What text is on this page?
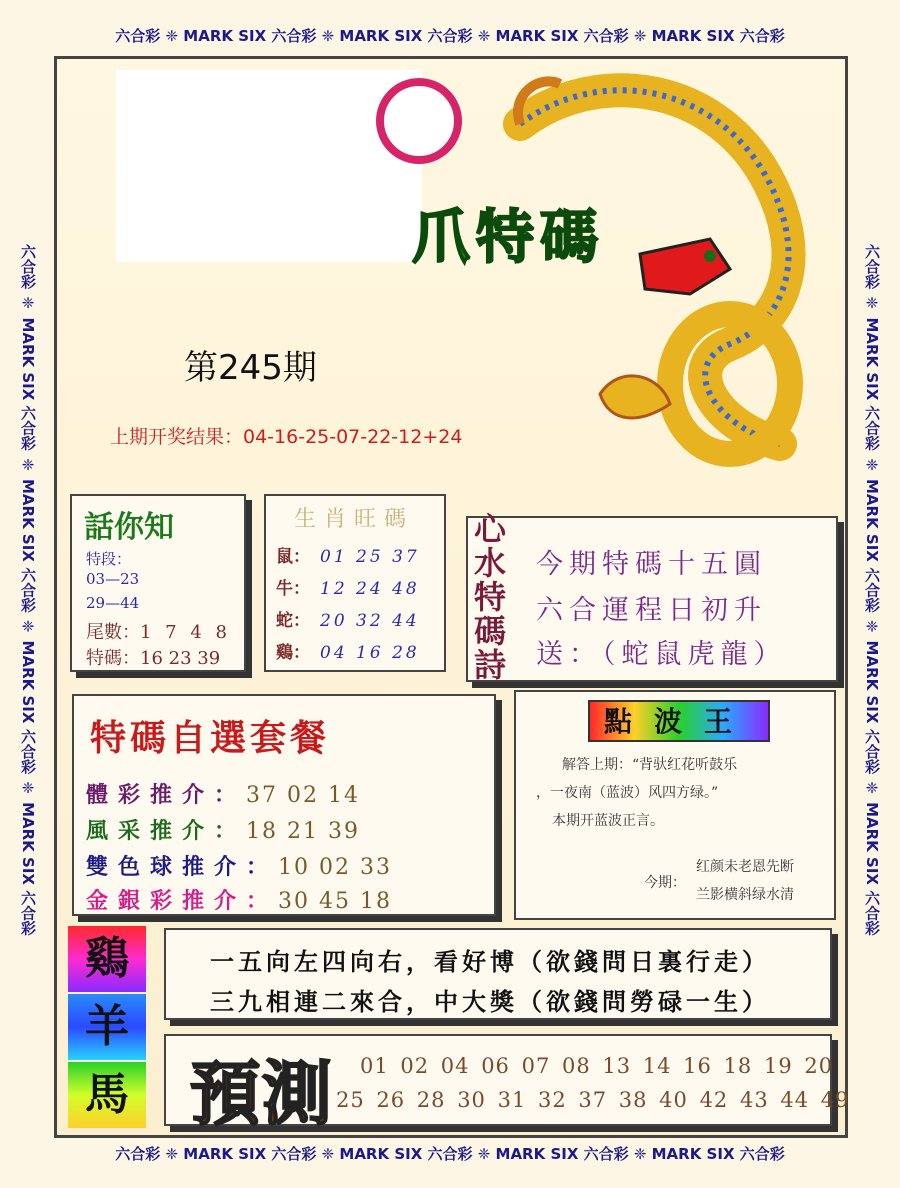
六合彩 ❈ MARK SIX 六合彩 ❈ MARK SIX 六合彩 ❈ MARK SIX 六合彩 ❈ MARK SIX 六合彩
六合彩 ❈ MARK SIX 六合彩 ❈ MARK SIX 六合彩 ❈ MARK SIX 六合彩 ❈ MARK SIX 六合彩
六合彩 ❈ MARK SIX 六合彩 ❈ MARK SIX 六合彩 ❈ MARK SIX 六合彩 ❈ MARK SIX 六合彩	六合彩 ❈ MARK SIX 六合彩 ❈ MARK SIX 六合彩 ❈ MARK SIX 六合彩 ❈ MARK SIX 六合彩
爪特碼
第245期
上期开奖结果：04-16-25-07-22-12+24
話你知
特段：
03—23
29—44
尾數：1 7 4 8
特碼：16 23 39
生肖旺碼
鼠： 01 25 37
牛： 12 24 48
蛇： 20 32 44
鷄： 04 16 28
心水特碼詩
今期特碼十五圓
六合運程日初升
送：（蛇鼠虎龍）
特碼自選套餐
體彩推介：37 02 14
風采推介：18 21 39
雙色球推介：10 02 33
金銀彩推介：30 45 18
解答上期：“背驮红花听鼓乐
，一夜南（蓝波）风四方绿。”
本期开蓝波正言。
今期：
红颜未老恩先断
兰影横斜绿水清
點波王
鷄
羊
馬
一五向左四向右，看好博（欲錢問日裏行走）
三九相連二來合，中大獎（欲錢問勞碌一生）
預測 01 02 04 06 07 08 13 14 16 18 19 20
25 26 28 30 31 32 37 38 40 42 43 44 49
